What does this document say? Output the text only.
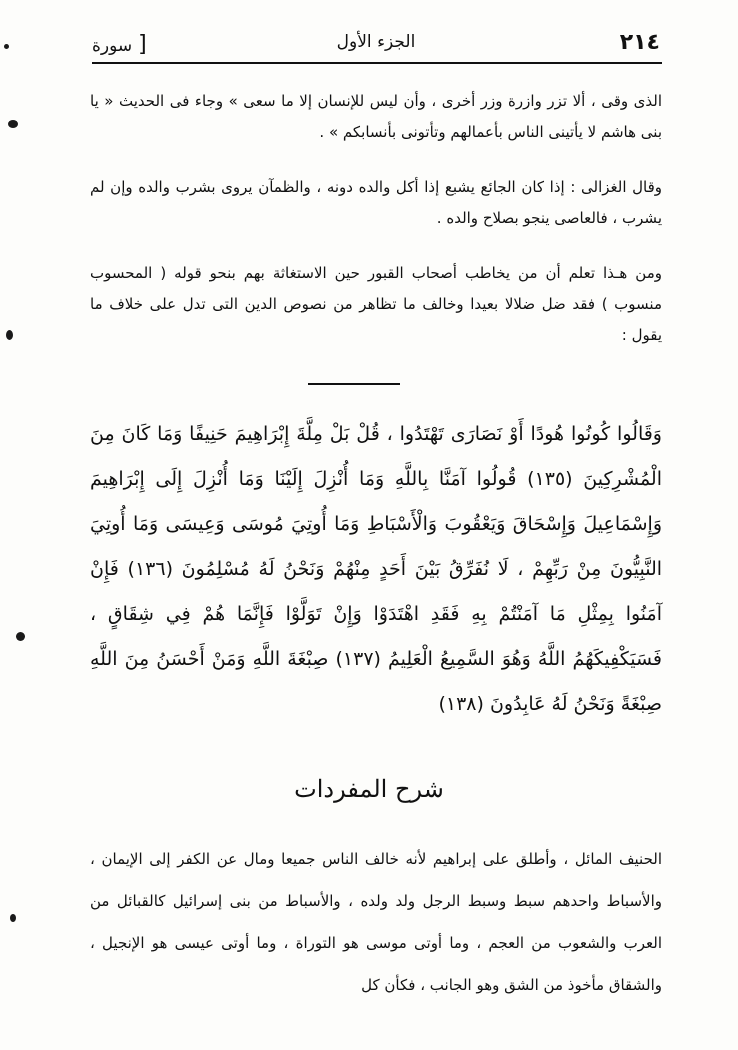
٢١٤
الجزء الأول
[سورة

الذى وقى ، ألا تزر وازرة وزر أخرى ، وأن ليس للإنسان إلا ما سعى » وجاء فى الحديث « يا بنى هاشم لا يأتينى الناس بأعمالهم وتأتونى بأنسابكم » .

وقال الغزالى : إذا كان الجائع يشبع إذا أكل والده دونه ، والظمآن يروى بشرب والده وإن لم يشرب ، فالعاصى ينجو بصلاح والده .

ومن هـذا تعلم أن من يخاطب أصحاب القبور حين الاستغاثة بهم بنحو قوله ( المحسوب منسوب ) فقد ضل ضلالا بعيدا وخالف ما تظاهر من نصوص الدين التى تدل على خلاف ما يقول :

وَقَالُوا كُونُوا هُودًا أَوْ نَصَارَى تَهْتَدُوا ، قُلْ بَلْ مِلَّةَ إِبْرَاهِيمَ حَنِيفًا وَمَا كَانَ مِنَ الْمُشْرِكِينَ (١٣٥) قُولُوا آمَنَّا بِاللَّهِ وَمَا أُنْزِلَ إِلَيْنَا وَمَا أُنْزِلَ إِلَى إِبْرَاهِيمَ وَإِسْمَاعِيلَ وَإِسْحَاقَ وَيَعْقُوبَ وَالْأَسْبَاطِ وَمَا أُوتِيَ مُوسَى وَعِيسَى وَمَا أُوتِيَ النَّبِيُّونَ مِنْ رَبِّهِمْ ، لَا نُفَرِّقُ بَيْنَ أَحَدٍ مِنْهُمْ وَنَحْنُ لَهُ مُسْلِمُونَ (١٣٦) فَإِنْ آمَنُوا بِمِثْلِ مَا آمَنْتُمْ بِهِ فَقَدِ اهْتَدَوْا وَإِنْ تَوَلَّوْا فَإِنَّمَا هُمْ فِي شِقَاقٍ ، فَسَيَكْفِيكَهُمُ اللَّهُ وَهُوَ السَّمِيعُ الْعَلِيمُ (١٣٧) صِبْغَةَ اللَّهِ وَمَنْ أَحْسَنُ مِنَ اللَّهِ صِبْغَةً وَنَحْنُ لَهُ عَابِدُونَ (١٣٨)

شرح المفردات

الحنيف المائل ، وأطلق على إبراهيم لأنه خالف الناس جميعا ومال عن الكفر إلى الإيمان ، والأسباط واحدهم سبط وسبط الرجل ولد ولده ، والأسباط من بنى إسرائيل كالقبائل من العرب والشعوب من العجم ، وما أوتى موسى هو التوراة ، وما أوتى عيسى هو الإنجيل ، والشقاق مأخوذ من الشق وهو الجانب ، فكأن كل
